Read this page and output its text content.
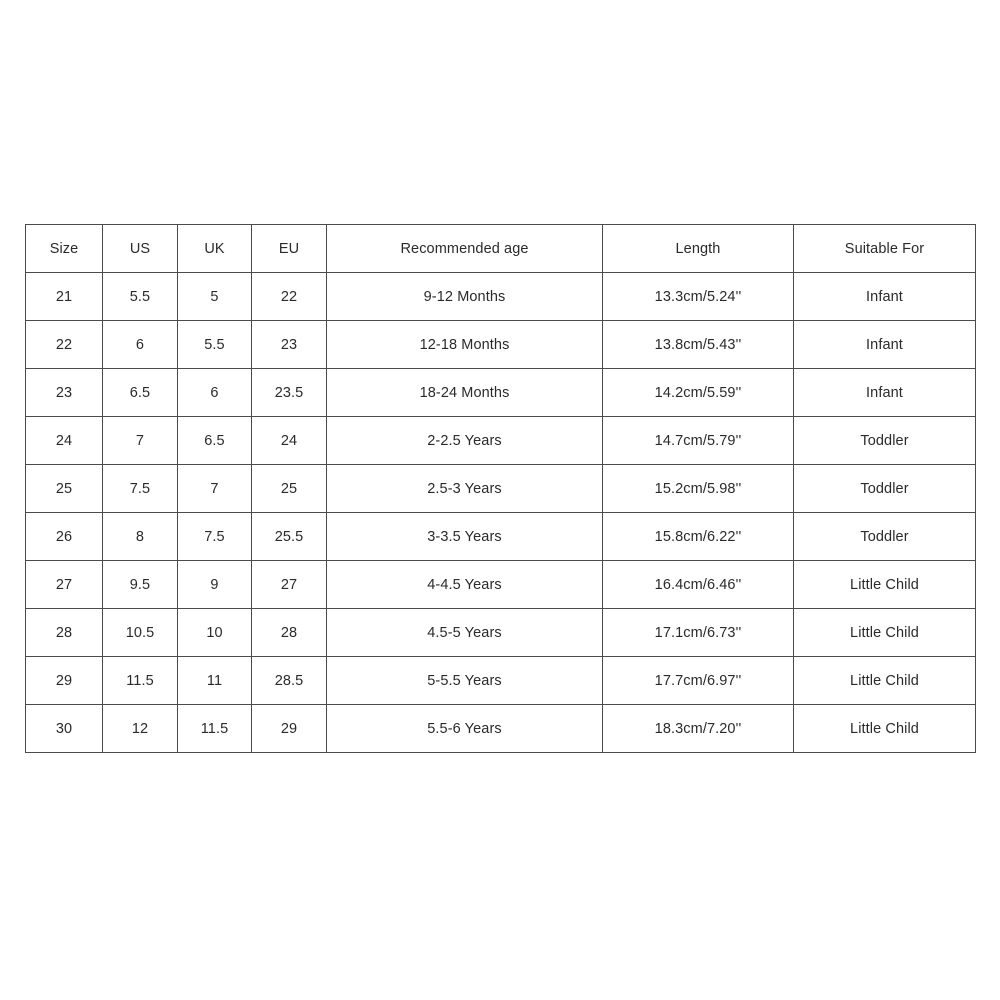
Size	US	UK	EU	Recommended age	Length	Suitable For
21	5.5	5	22	9-12 Months	13.3cm/5.24''	Infant
22	6	5.5	23	12-18 Months	13.8cm/5.43''	Infant
23	6.5	6	23.5	18-24 Months	14.2cm/5.59''	Infant
24	7	6.5	24	2-2.5 Years	14.7cm/5.79''	Toddler
25	7.5	7	25	2.5-3 Years	15.2cm/5.98''	Toddler
26	8	7.5	25.5	3-3.5 Years	15.8cm/6.22''	Toddler
27	9.5	9	27	4-4.5 Years	16.4cm/6.46''	Little Child
28	10.5	10	28	4.5-5 Years	17.1cm/6.73''	Little Child
29	11.5	11	28.5	5-5.5 Years	17.7cm/6.97''	Little Child
30	12	11.5	29	5.5-6 Years	18.3cm/7.20''	Little Child
